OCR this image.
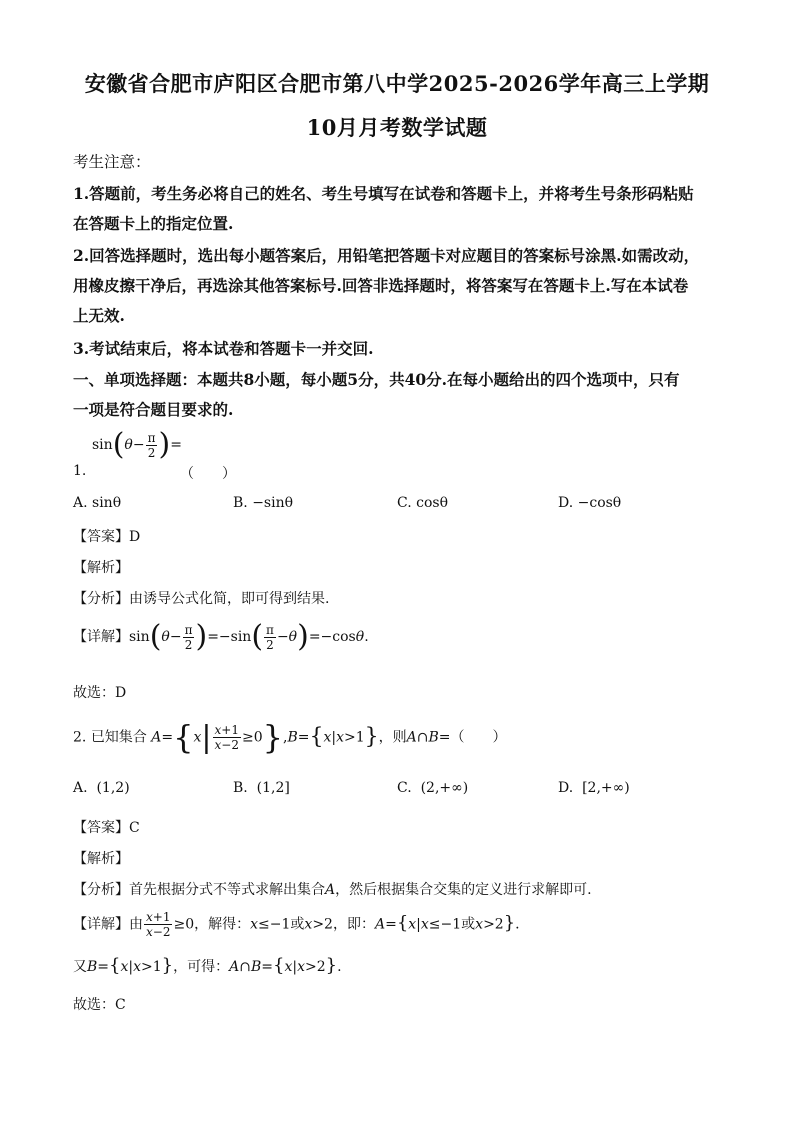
安徽省合肥市庐阳区合肥市第八中学2025-2026学年高三上学期
10月月考数学试题
考生注意：
1.答题前，考生务必将自己的姓名、考生号填写在试卷和答题卡上，并将考生号条形码粘贴
在答题卡上的指定位置.
2.回答选择题时，选出每小题答案后，用铅笔把答题卡对应题目的答案标号涂黑.如需改动，
用橡皮擦干净后，再选涂其他答案标号.回答非选择题时，将答案写在答题卡上.写在本试卷
上无效.
3.考试结束后，将本试卷和答题卡一并交回.
一、单项选择题：本题共8小题，每小题5分，共40分.在每小题给出的四个选项中，只有
一项是符合题目要求的.
$\sin(\theta- \frac{\pi}{2}$ )=
1.	（　　）
A. sinθ	B. −sinθ	C. cosθ	D. −cosθ
【答案】D
【解析】
【分析】由诱导公式化简，即可得到结果.
【详解】$\sin(\theta- \frac{\pi}{2} )=-\sin( \frac{\pi}{2} -\theta)=-\cos\theta$.
故选：D
2. 已知集合 $A=\{x| \frac{x+1}{x-2} \ge 0\},B=\{x|x>1\}$，则A∩B=（　　）
A. (1,2)	B. (1,2]	C. (2,+∞)	D. [2,+∞)
【答案】C
【解析】
【分析】首先根据分式不等式求解出集合A，然后根据集合交集的定义进行求解即可.
【详解】由 $\frac{x+1}{x-2} \ge 0$，解得：x≤−1或x>2，即：A={x|x≤−1或x>2}.
又B={x|x>1}，可得：A∩B={x|x>2}.
故选：C
